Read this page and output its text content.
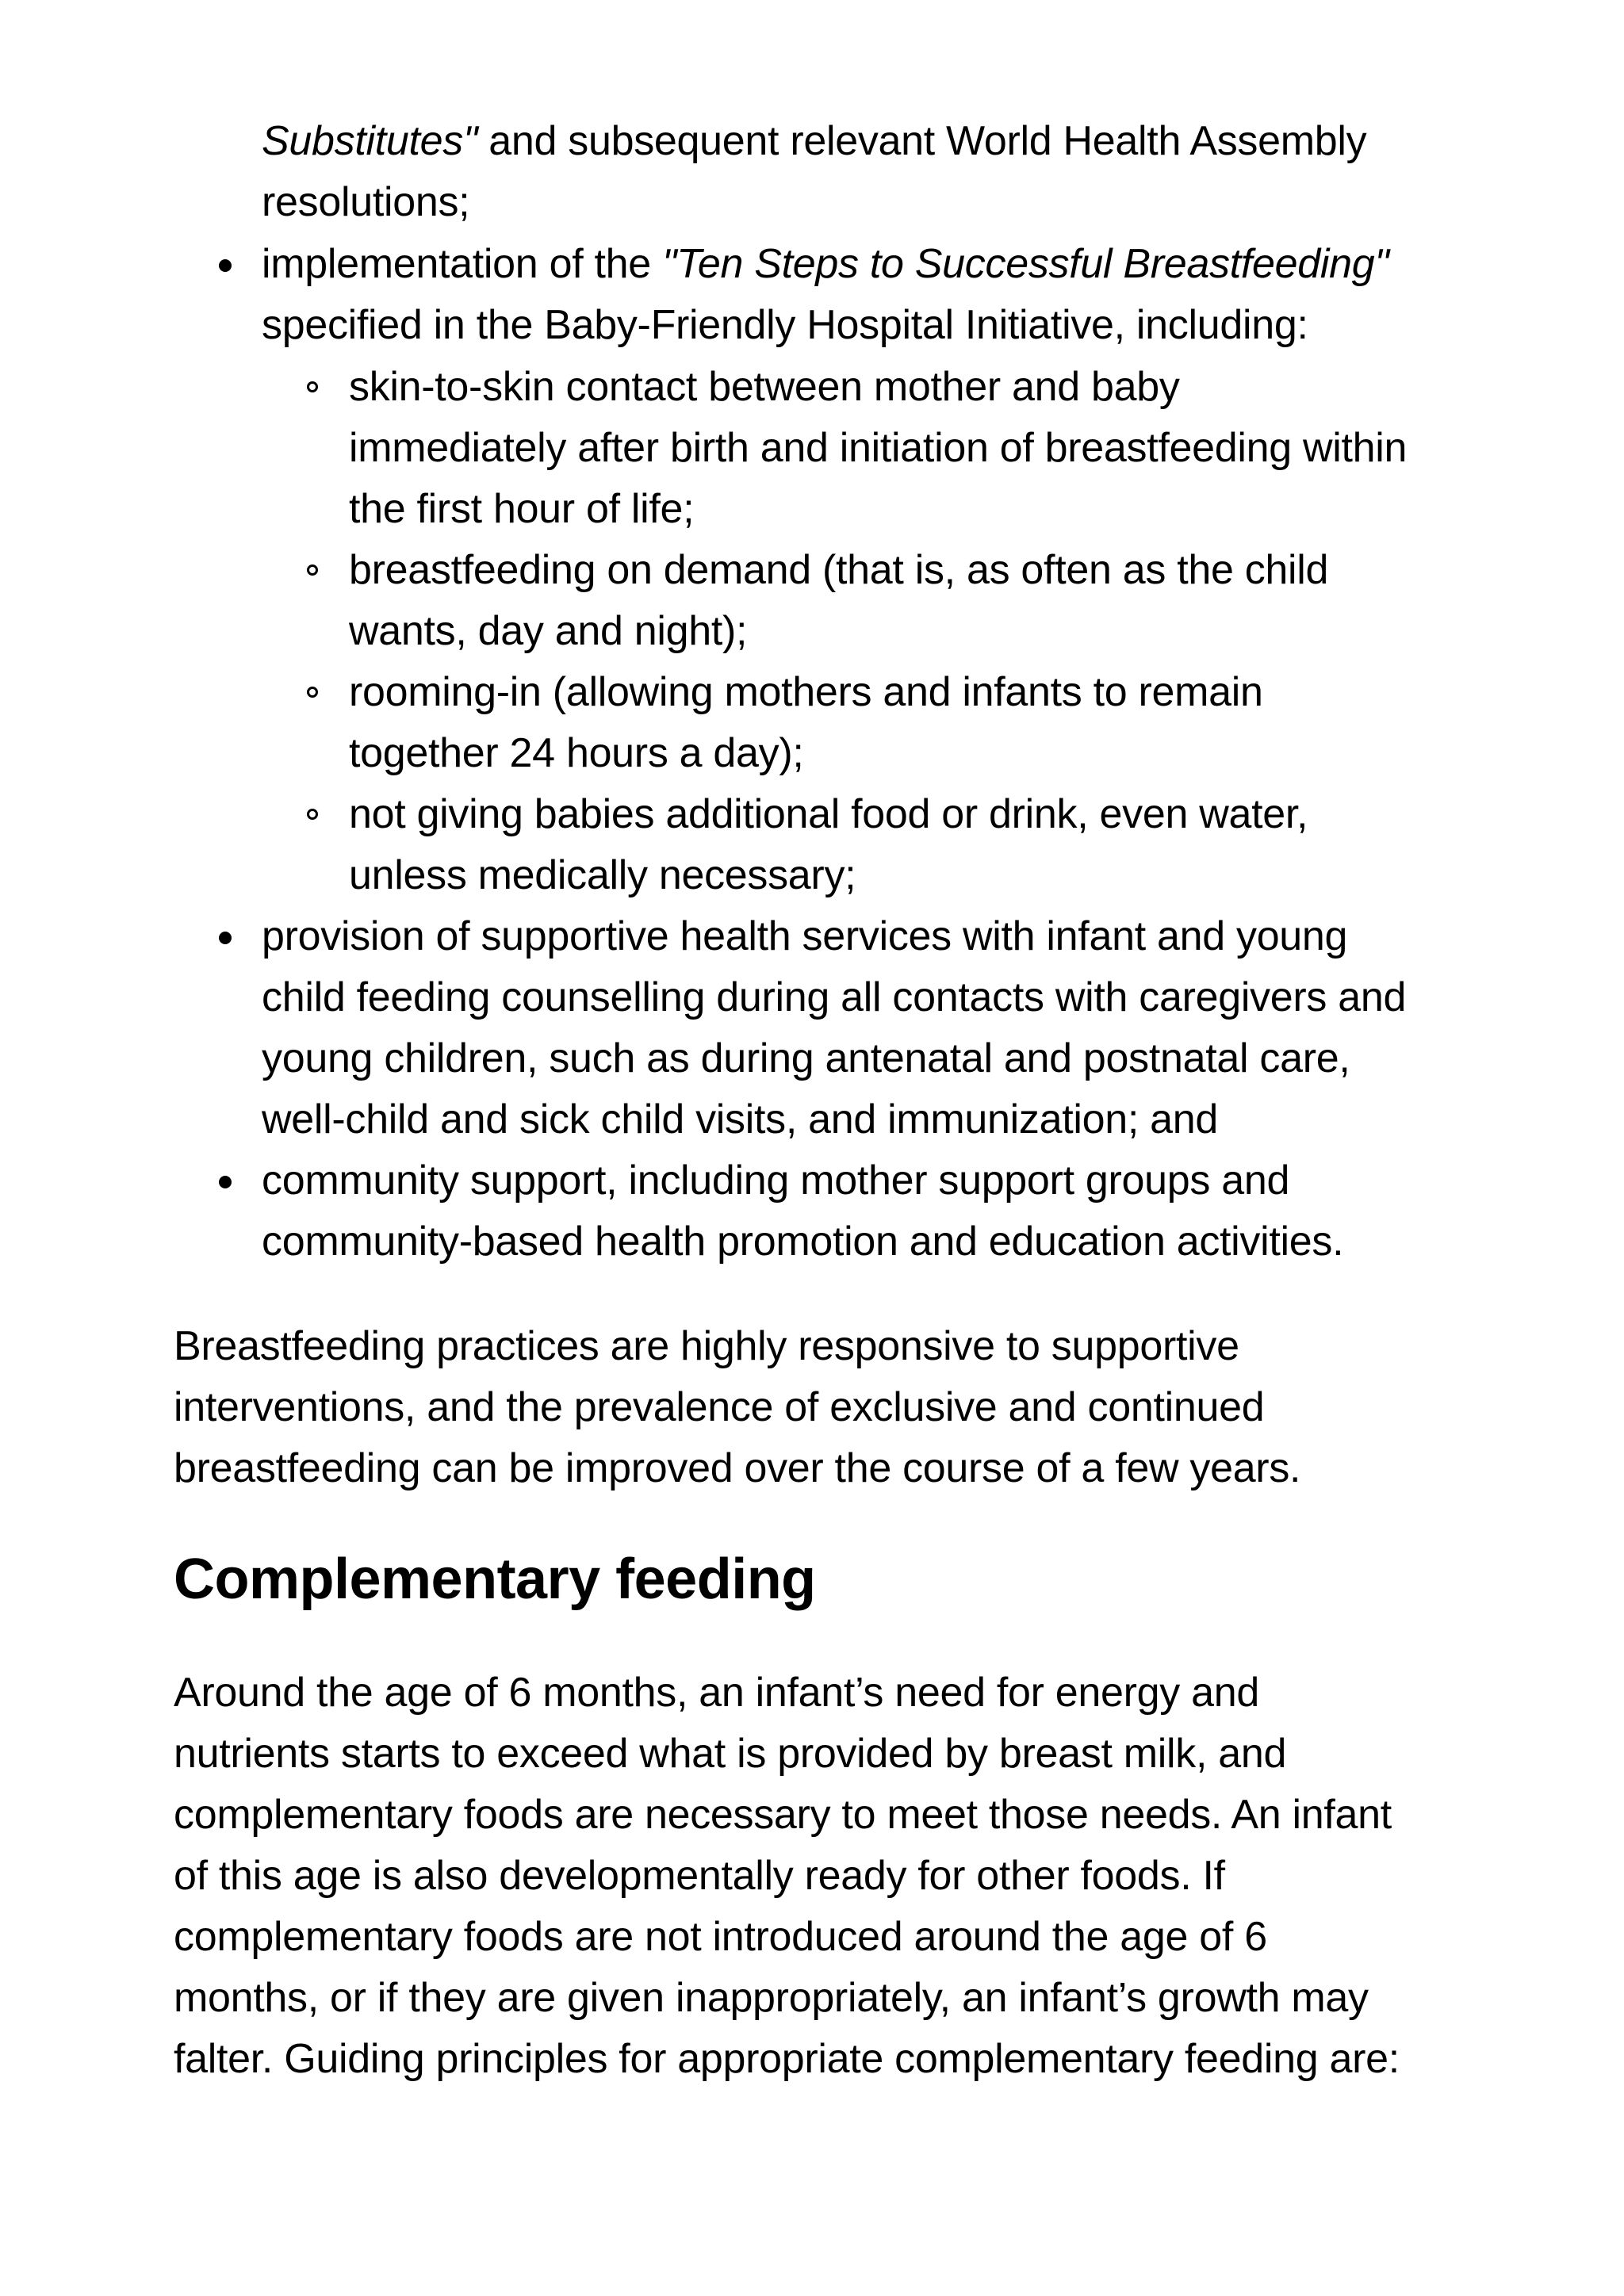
Substitutes" and subsequent relevant World Health Assembly
resolutions;
implementation of the "Ten Steps to Successful Breastfeeding"
specified in the Baby-Friendly Hospital Initiative, including:
skin-to-skin contact between mother and baby
immediately after birth and initiation of breastfeeding within
the first hour of life;
breastfeeding on demand (that is, as often as the child
wants, day and night);
rooming-in (allowing mothers and infants to remain
together 24 hours a day);
not giving babies additional food or drink, even water,
unless medically necessary;
provision of supportive health services with infant and young
child feeding counselling during all contacts with caregivers and
young children, such as during antenatal and postnatal care,
well-child and sick child visits, and immunization; and
community support, including mother support groups and
community-based health promotion and education activities.
Breastfeeding practices are highly responsive to supportive
interventions, and the prevalence of exclusive and continued
breastfeeding can be improved over the course of a few years.
Complementary feeding
Around the age of 6 months, an infant’s need for energy and
nutrients starts to exceed what is provided by breast milk, and
complementary foods are necessary to meet those needs. An infant
of this age is also developmentally ready for other foods. If
complementary foods are not introduced around the age of 6
months, or if they are given inappropriately, an infant’s growth may
falter. Guiding principles for appropriate complementary feeding are:
